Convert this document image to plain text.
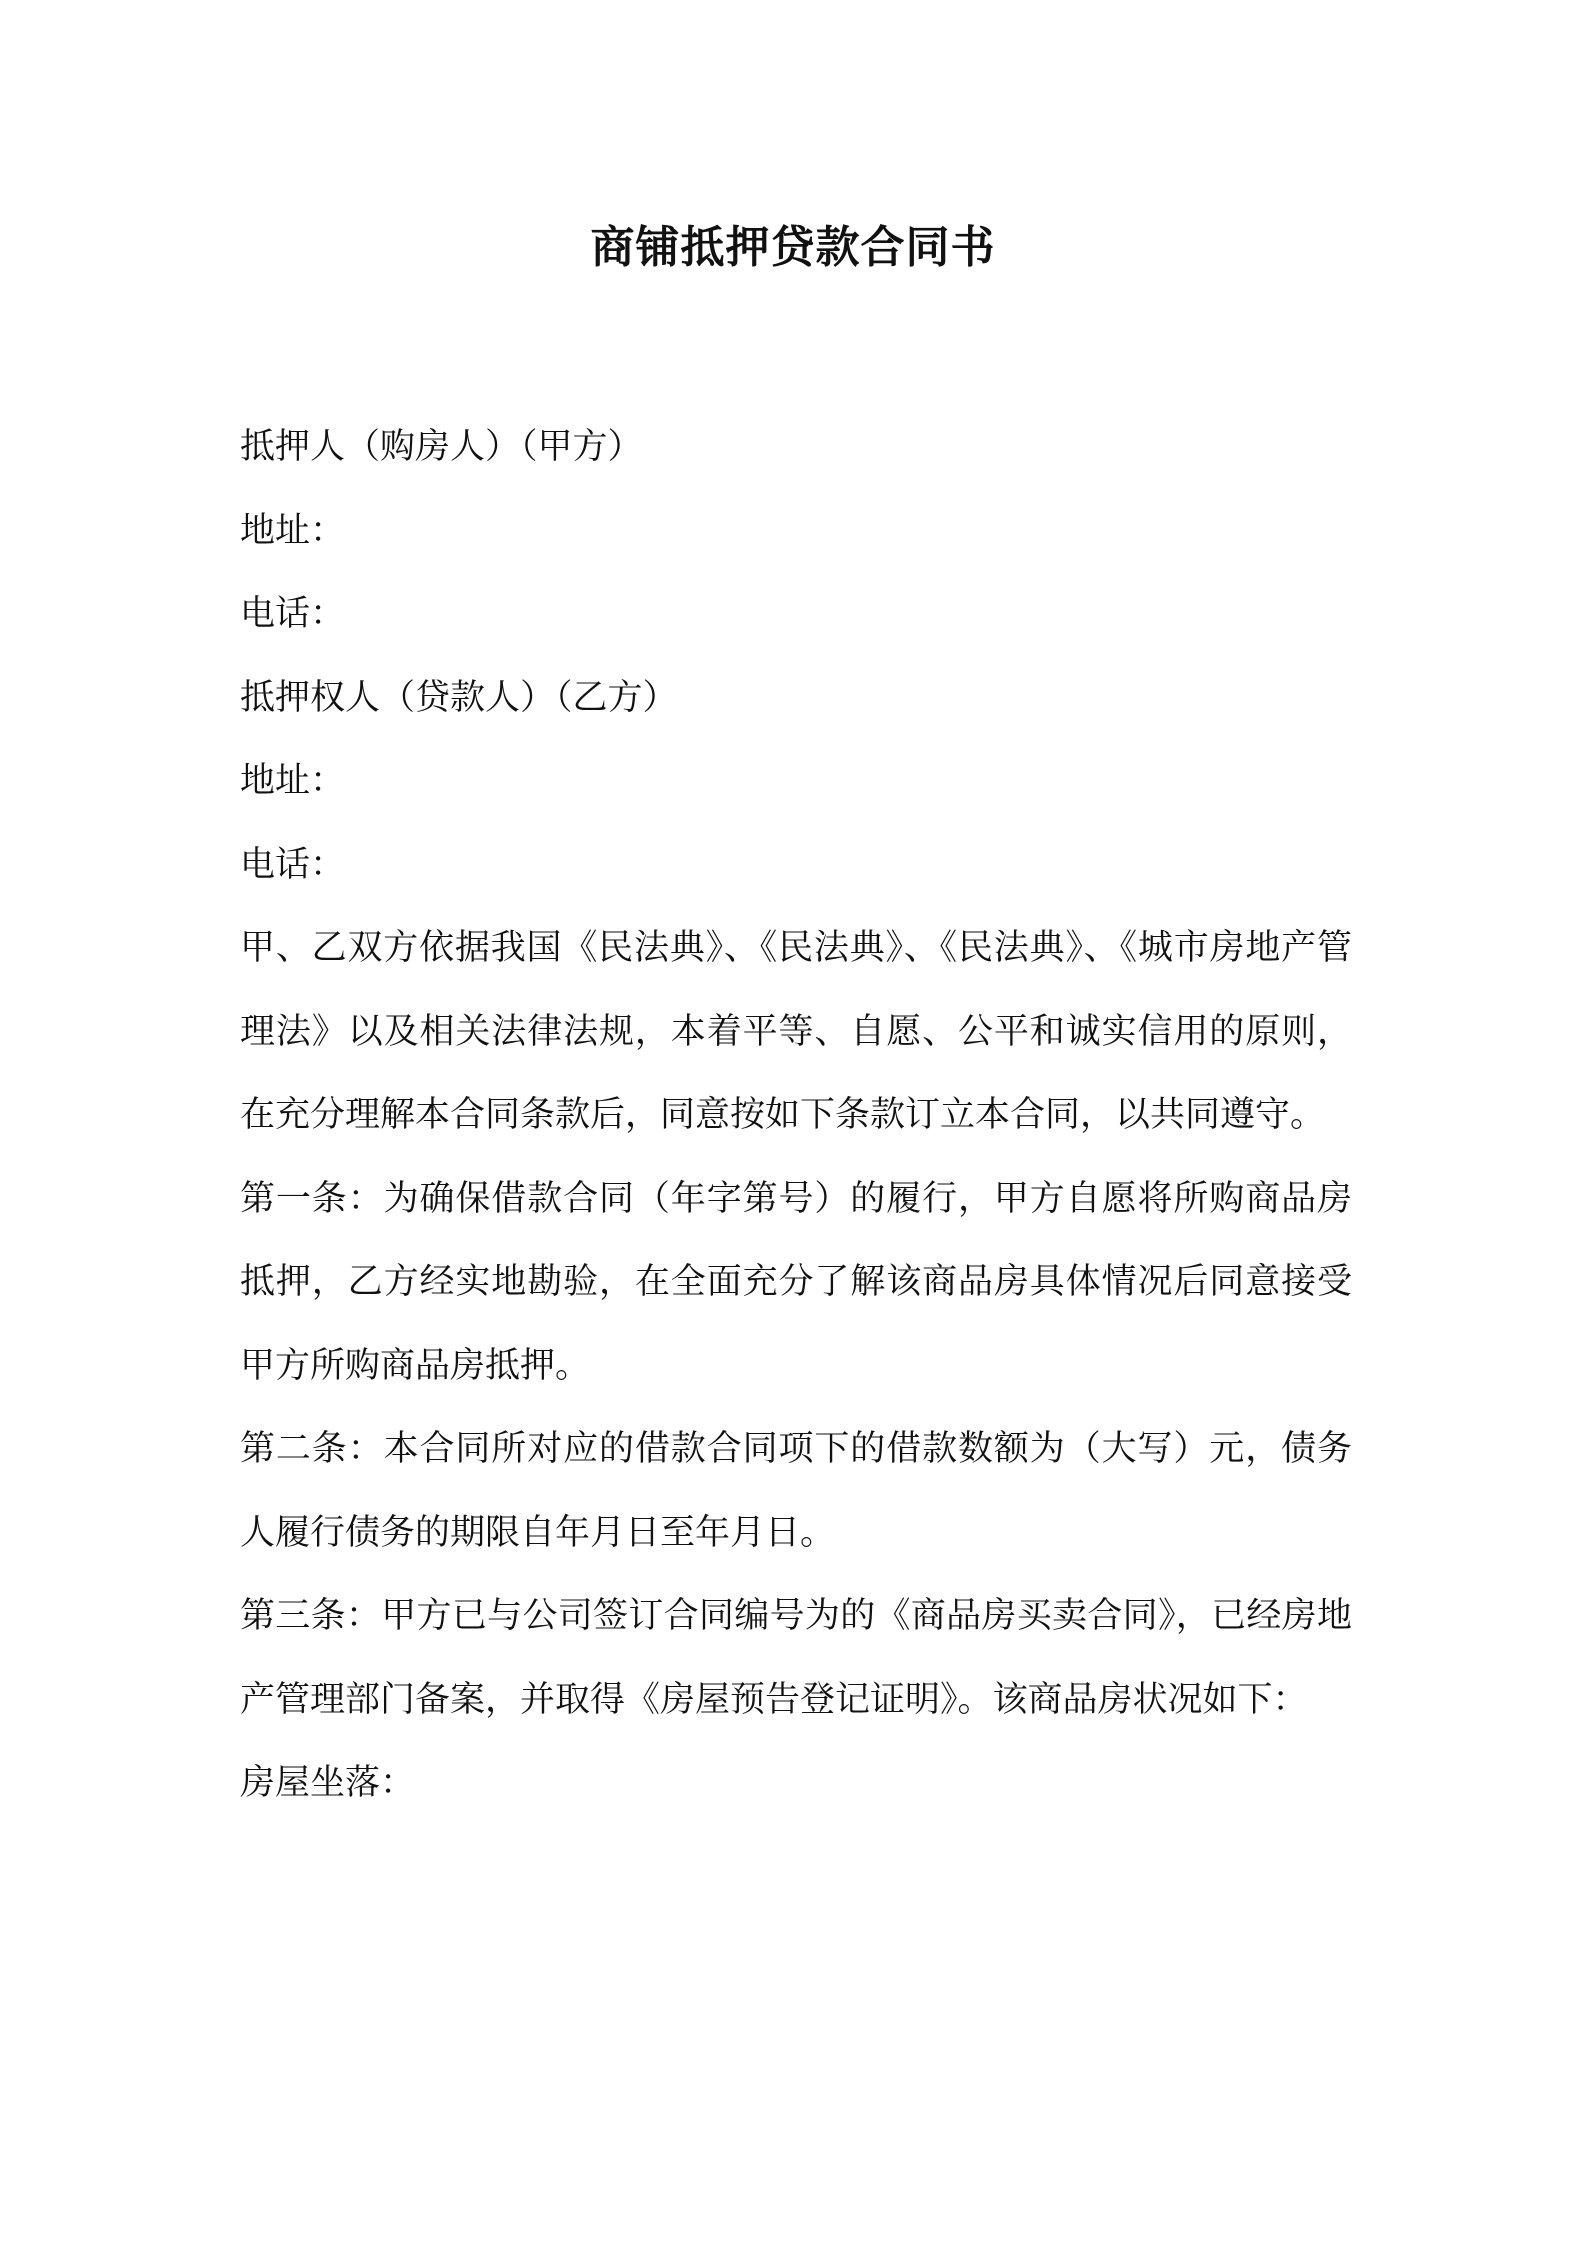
商铺抵押贷款合同书

抵押人（购房人）（甲方）

地址：

电话：

抵押权人（贷款人）（乙方）

地址：

电话：

甲、乙双方依据我国《民法典》、《民法典》、《民法典》、《城市房地产管理法》以及相关法律法规，本着平等、自愿、公平和诚实信用的原则，在充分理解本合同条款后，同意按如下条款订立本合同，以共同遵守。

第一条：为确保借款合同（年字第号）的履行，甲方自愿将所购商品房抵押，乙方经实地勘验，在全面充分了解该商品房具体情况后同意接受甲方所购商品房抵押。

第二条：本合同所对应的借款合同项下的借款数额为（大写）元，债务人履行债务的期限自年月日至年月日。

第三条：甲方已与公司签订合同编号为的《商品房买卖合同》，已经房地产管理部门备案，并取得《房屋预告登记证明》。该商品房状况如下：

房屋坐落：
